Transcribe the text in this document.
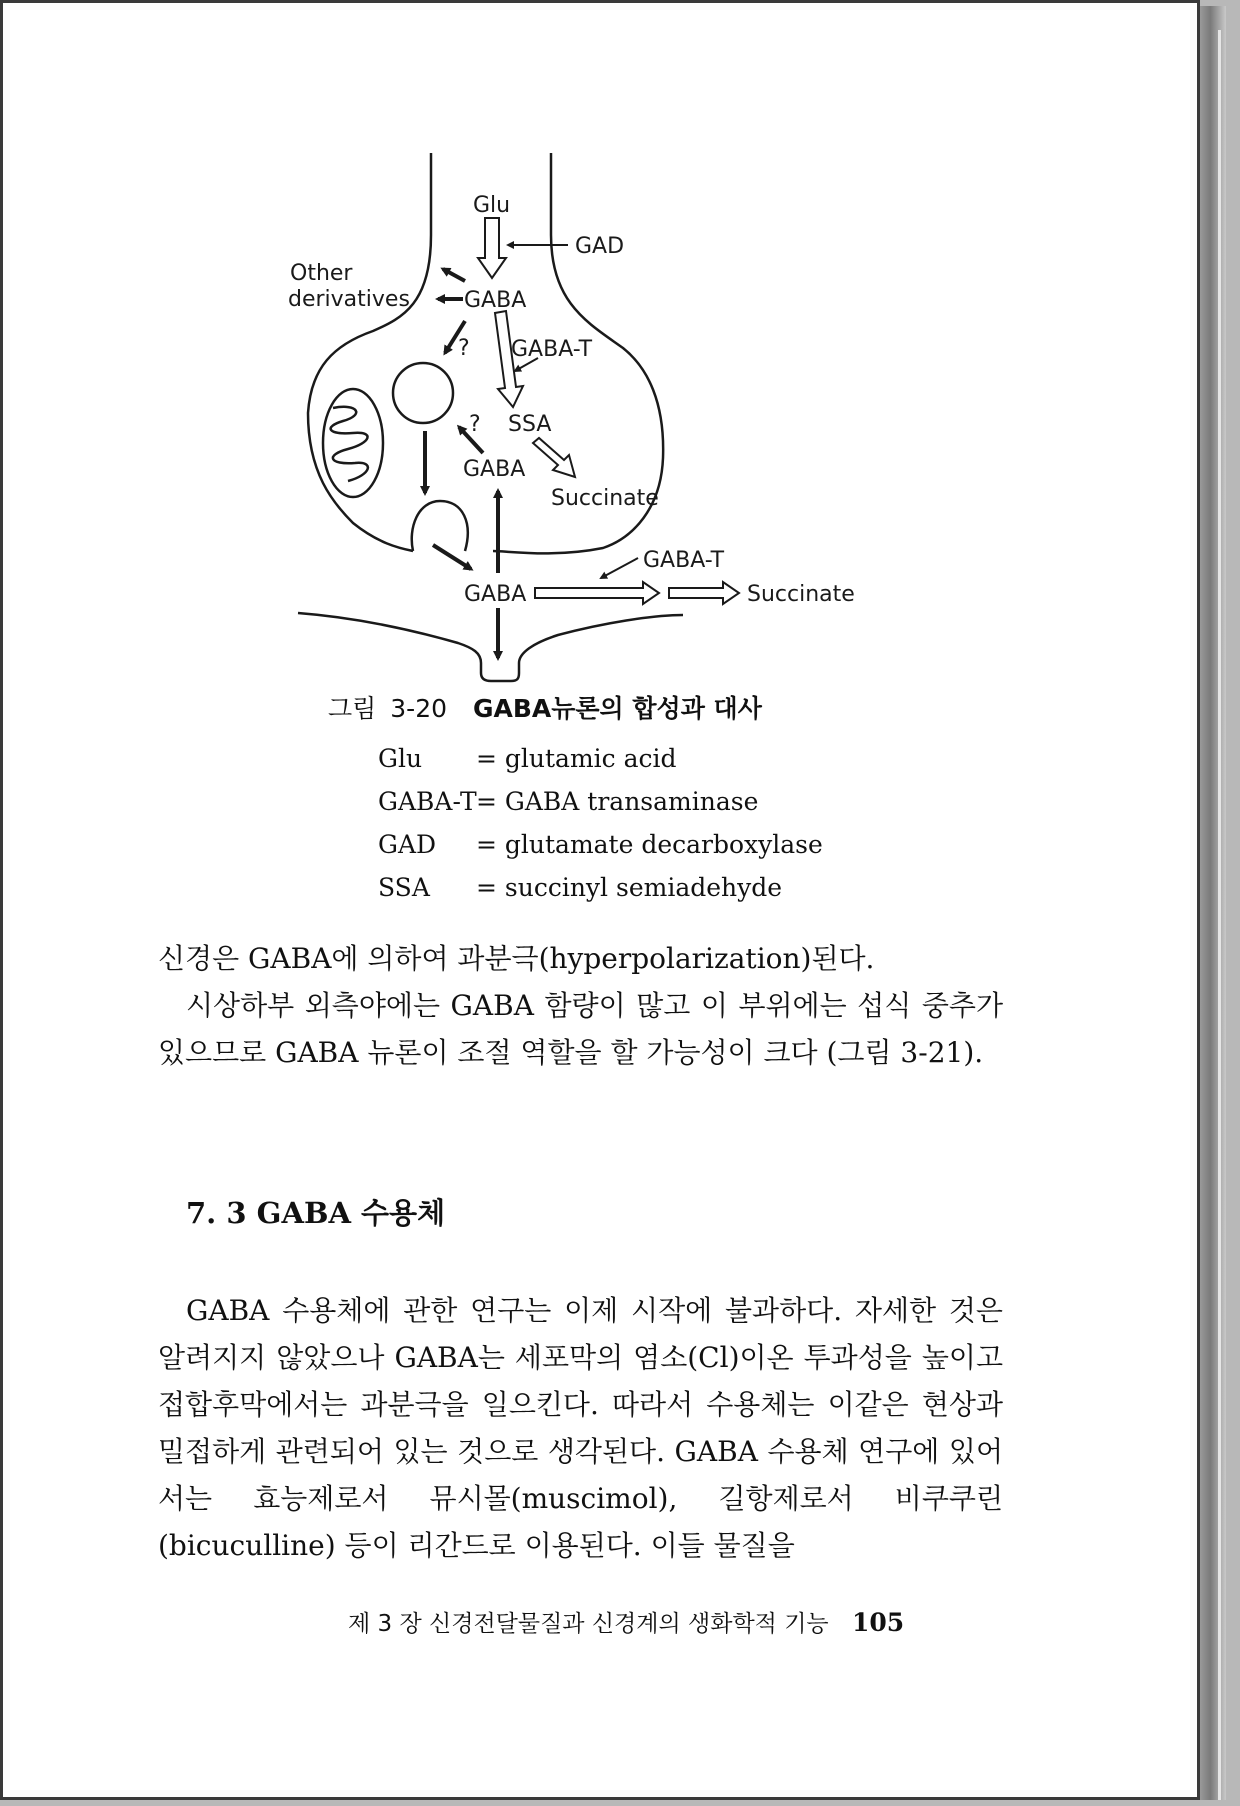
Glu
GAD
Other
derivatives GABA
? GABA-T
? SSA
GABA
Succinate
GABA-T
GABA	Succinate
그림 3-20 GABA뉴론의 합성과 대사
Glu	= glutamic acid
GABA-T = GABA transaminase
GAD	= glutamate decarboxylase
SSA	= succinyl semiadehyde

신경은 GABA에 의하여 과분극(hyperpolarization)된다.

시상하부 외측야에는 GABA 함량이 많고 이 부위에는 섭식 중추가 있으므로 GABA 뉴론이 조절 역할을 할 가능성이 크다 (그림 3-21).

7. 3 GABA 수용체

GABA 수용체에 관한 연구는 이제 시작에 불과하다. 자세한 것은 알려지지 않았으나 GABA는 세포막의 염소(Cl)이온 투과성을 높이고 접합후막에서는 과분극을 일으킨다. 따라서 수용체는 이같은 현상과 밀접하게 관련되어 있는 것으로 생각된다. GABA 수용체 연구에 있어서는 효능제로서 뮤시몰(muscimol), 길항제로서 비쿠쿠린(bicuculline) 등이 리간드로 이용된다. 이들 물질을

제 3 장 신경전달물질과 신경계의 생화학적 기능 105
